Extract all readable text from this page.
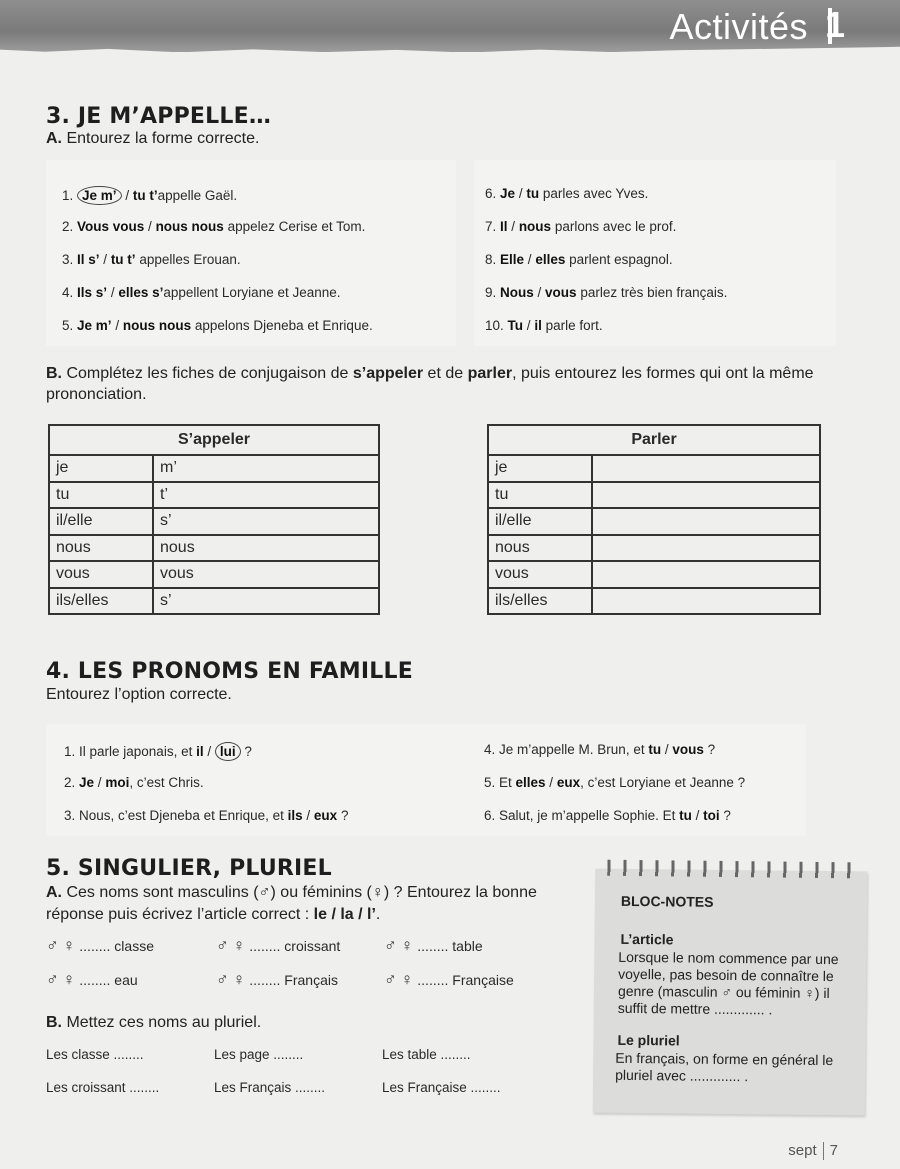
Activités 1
3. JE M’APPELLE…
A. Entourez la forme correcte.
1. Je m’ / tu t’appelle Gaël.
2. Vous vous / nous nous appelez Cerise et Tom.
3. Il s’ / tu t’ appelles Erouan.
4. Ils s’ / elles s’appellent Loryiane et Jeanne.
5. Je m’ / nous nous appelons Djeneba et Enrique.
6. Je / tu parles avec Yves.
7. Il / nous parlons avec le prof.
8. Elle / elles parlent espagnol.
9. Nous / vous parlez très bien français.
10. Tu / il parle fort.
B. Complétez les fiches de conjugaison de s’appeler et de parler, puis entourez les formes qui ont la même
prononciation.
S’appeler	
je	m’
tu	t’
il/elle	s’
nous	nous
vous	vous
ils/elles	s’
Parler	
je	
tu	
il/elle	
nous	
vous	
ils/elles	
4. LES PRONOMS EN FAMILLE
Entourez l’option correcte.
1. Il parle japonais, et il / lui ?
2. Je / moi, c’est Chris.
3. Nous, c’est Djeneba et Enrique, et ils / eux ?
4. Je m’appelle M. Brun, et tu / vous ?
5. Et elles / eux, c’est Loryiane et Jeanne ?
6. Salut, je m’appelle Sophie. Et tu / toi ?
5. SINGULIER, PLURIEL
A. Ces noms sont masculins (♂) ou féminins (♀) ? Entourez la bonne
réponse puis écrivez l’article correct : le / la / l’.
♂ ♀ ........ classe	♂ ♀ ........ croissant	♂ ♀ ........ table
♂ ♀ ........ eau	♂ ♀ ........ Français	♂ ♀ ........ Française
B. Mettez ces noms au pluriel.
Les classe ........	Les page ........	Les table ........
Les croissant ........	Les Français ........	Les Française ........
BLOC-NOTES
L’article
Lorsque le nom commence par une
voyelle, pas besoin de connaître le
genre (masculin ♂ ou féminin ♀) il
suffit de mettre ............. .
Le pluriel
En français, on forme en général le
pluriel avec ............. .
sept 7
